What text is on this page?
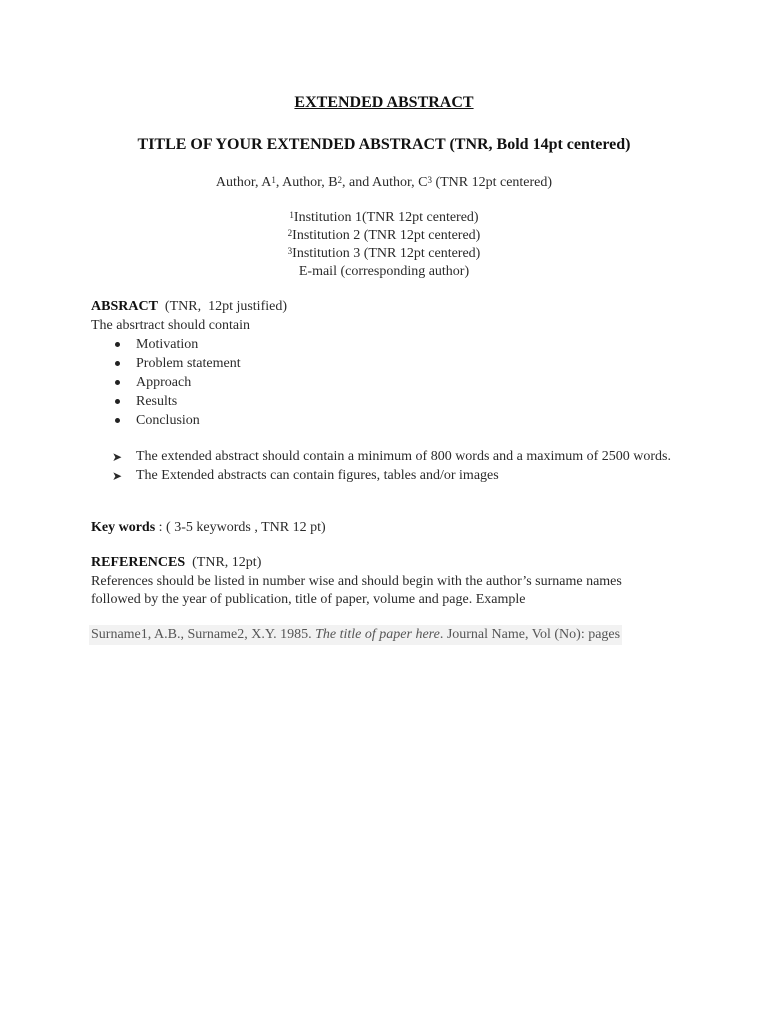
EXTENDED ABSTRACT
TITLE OF YOUR EXTENDED ABSTRACT (TNR, Bold 14pt centered)
Author, $A^1$, Author, $B^2$, and Author, $C^3$ (TNR 12pt centered)
$^1$Institution 1(TNR 12pt centered)
$^2$Institution 2 (TNR 12pt centered)
$^3$Institution 3 (TNR 12pt centered)
E-mail (corresponding author)
ABSRACT  (TNR,  12pt justified)
The absrtract should contain
Motivation
Problem statement
Approach
Results
Conclusion
➤ The extended abstract should contain a minimum of 800 words and a maximum of 2500 words.
➤ The Extended abstracts can contain figures, tables and/or images
Key words : ( 3-5 keywords , TNR 12 pt)
REFERENCES  (TNR, 12pt)
References should be listed in number wise and should begin with the author’s surname names followed by the year of publication, title of paper, volume and page. Example
Surname1, A.B., Surname2, X.Y. 1985. The title of paper here. Journal Name, Vol (No): pages
